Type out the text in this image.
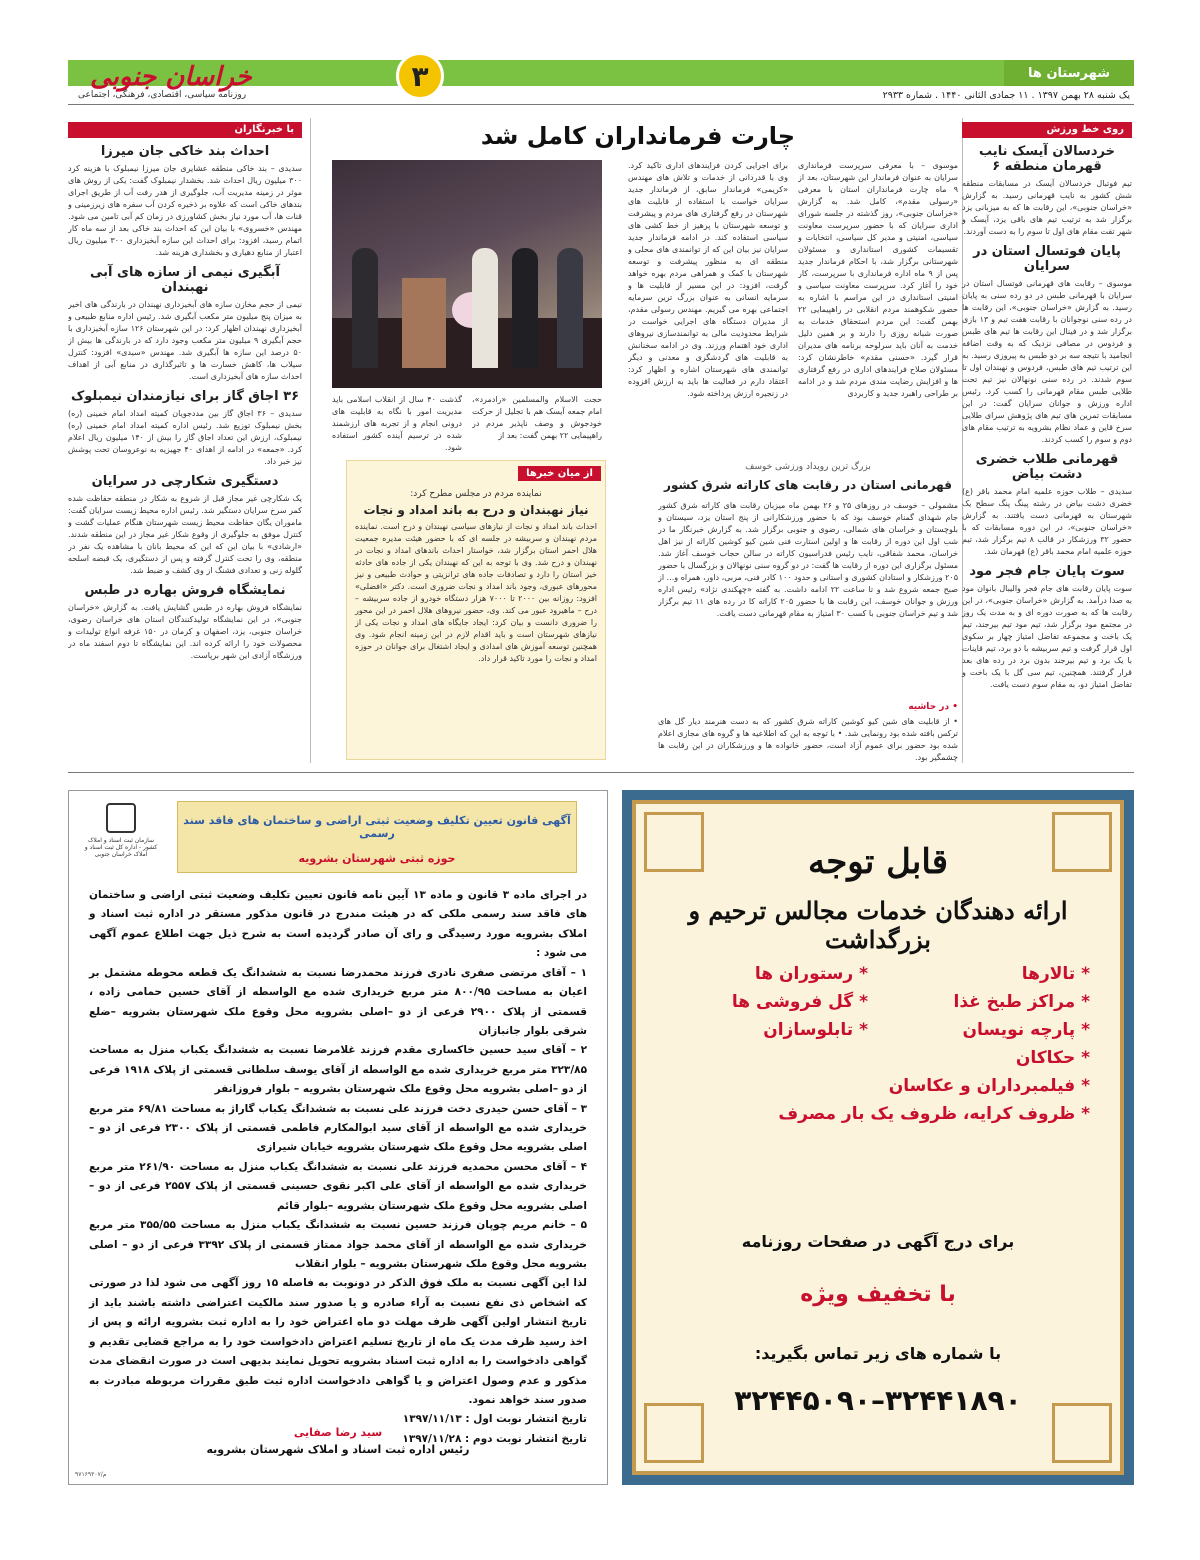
شهرستان ها
خراسان جنوبی	۳
روزنامه سیاسی، اقتصادی، فرهنگی، اجتماعی	یک شنبه ۲۸ بهمن ۱۳۹۷ . ۱۱ جمادی الثانی ۱۴۴۰ . شماره ۲۹۳۳
روی خط ورزش
خردسالان آیسک نایب قهرمان منطقه ۶
تیم فوتبال خردسالان آیسک در مسابقات منطقه شش کشور به نایب قهرمانی رسید. به گزارش «خراسان جنوبی»، این رقابت ها که به میزبانی یزد برگزار شد به ترتیب تیم های باقی یزد، آیسک و شهر تفت مقام های اول تا سوم را به دست آوردند.
پایان فوتسال استان در سرایان
موسوی – رقابت های قهرمانی فوتسال استان در سرایان با قهرمانی طبس در دو رده سنی به پایان رسید. به گزارش «خراسان جنوبی»، این رقابت ها در رده سنی نوجوانان با رقابت هفت تیم و ۱۳ بازی برگزار شد و در فینال این رقابت ها تیم های طبس و فردوس در مصافی نزدیک که به وقت اضافه انجامید با نتیجه سه بر دو طبس به پیروزی رسید. به این ترتیب تیم های طبس، فردوس و نهبندان اول تا سوم شدند. در رده سنی نونهالان نیز تیم تحت طلایی طبس مقام قهرمانی را کسب کرد. رئیس اداره ورزش و جوانان سرایان گفت: در این مسابقات تمرین های تیم های پژوهش سرای طلایی سرخ قاین و عماد نظام بشرویه به ترتیب مقام های دوم و سوم را کسب کردند.
قهرمانی طلاب خضری دشت بیاض
سدیدی – طلاب حوزه علمیه امام محمد باقر (ع) خضری دشت بیاض در رشته پینگ پنگ سطح یک شهرستان به قهرمانی دست یافتند. به گزارش «خراسان جنوبی»، در این دوره مسابقات که با حضور ۳۲ ورزشکار در قالب ۸ تیم برگزار شد، تیم حوزه علمیه امام محمد باقر (ع) قهرمان شد.
سوت پایان جام فجر مود
سوت پایان رقابت های جام فجر والیبال بانوان مود به صدا درآمد. به گزارش «خراسان جنوبی»، در این رقابت ها که به صورت دوره ای و به مدت یک روز در مجتمع مود برگزار شد، تیم مود تیم بیرجند، تیم یک باخت و مجموعه تفاضل امتیاز چهار بر سکوی اول قرار گرفت و تیم سربیشه با دو برد، تیم قاینات با یک برد و تیم بیرجند بدون برد در رده های بعد قرار گرفتند. همچنین، تیم سی گل با یک باخت و تفاضل امتیاز دو، به مقام سوم دست یافت.
چارت فرمانداران کامل شد
موسوی – با معرفی سرپرست فرمانداری سرایان به عنوان فرماندار این شهرستان، بعد از ۹ ماه چارت فرمانداران استان با معرفی «رسولی مقدم»، کامل شد. به گزارش «خراسان جنوبی»، روز گذشته در جلسه شورای اداری سرایان که با حضور سرپرست معاونت سیاسی، امنیتی و مدیر کل سیاسی، انتخابات و تقسیمات کشوری استانداری و مسئولان شهرستانی برگزار شد، با احکام فرماندار جدید پس از ۹ ماه اداره فرمانداری با سرپرست، کار خود را آغاز کرد. سرپرست معاونت سیاسی و امنیتی استانداری در این مراسم با اشاره به حضور شکوهمند مردم انقلابی در راهپیمایی ۲۲ بهمن گفت: این مردم استحقاق خدمات به صورت شبانه روزی را دارند و بر همین دلیل خدمت به آنان باید سرلوحه برنامه های مدیران قرار گیرد. «حسنی مقدم» خاطرنشان کرد: مسئولان صلاح فرایندهای اداری در رفع گرفتاری ها و افزایش رضایت مندی مردم شد و در ادامه بر طراحی راهبرد جدید و کاربردی
برای اجرایی کردن فرایندهای اداری تاکید کرد. وی با قدردانی از خدمات و تلاش های مهندس «کریمی» فرماندار سابق، از فرماندار جدید سرایان خواست با استفاده از قابلیت های شهرستان در رفع گرفتاری های مردم و پیشرفت و توسعه شهرستان با پرهیز از خط کشی های سیاسی استفاده کند. در ادامه فرماندار جدید سرایان نیز بیان این که از توانمندی های محلی و منطقه ای به منظور پیشرفت و توسعه شهرستان با کمک و همراهی مردم بهره خواهد گرفت، افزود: در این مسیر از قابلیت ها و سرمایه انسانی به عنوان بزرگ ترین سرمایه اجتماعی بهره می گیریم. مهندس رسولی مقدم، از مدیران دستگاه های اجرایی خواست در شرایط محدودیت مالی به توانمندسازی نیروهای اداری خود اهتمام ورزند. وی در ادامه سخنانش به قابلیت های گردشگری و معدنی و دیگر توانمندی های شهرستان اشاره و اظهار کرد: اعتقاد دارم در فعالیت ها باید به ارزش افزوده در زنجیره ارزش پرداخته شود.
گذشت ۴۰ سال از انقلاب اسلامی باید مدیریت امور با نگاه به قابلیت های درونی انجام و از تجربه های ارزشمند شده در ترسیم آینده کشور استفاده شود.
حجت الاسلام والمسلمین «رادمرد»، امام جمعه آیسک هم با تجلیل از حرکت خودجوش و وصف ناپذیر مردم در راهپیمایی ۲۲ بهمن گفت: بعد از
از میان خبرها
نماینده مردم در مجلس مطرح کرد:
نیاز نهبندان و درح به باند امداد و نجات
احداث باند امداد و نجات از نیازهای سیاسی نهبندان و درح است. نماینده مردم نهبندان و سربیشه در جلسه ای که با حضور هیئت مدیره جمعیت هلال احمر استان برگزار شد، خواستار احداث باندهای امداد و نجات در نهبندان و درح شد. وی با توجه به این که نهبندان یکی از جاده های حادثه خیز استان را دارد و تصادفات جاده های ترانزیتی و حوادث طبیعی و نیز محورهای عبوری، وجود باند امداد و نجات ضروری است. دکتر «افضلی» افزود: روزانه بین ۲۰۰۰ تا ۷۰۰۰ هزار دستگاه خودرو از جاده سربیشه – درح – ماهیرود عبور می کند. وی، حضور نیروهای هلال احمر در این محور را ضروری دانست و بیان کرد: ایجاد جایگاه های امداد و نجات یکی از نیازهای شهرستان است و باید اقدام لازم در این زمینه انجام شود. وی همچنین توسعه آموزش های امدادی و ایجاد اشتغال برای جوانان در حوزه امداد و نجات را مورد تاکید قرار داد.
بزرگ ترین رویداد ورزشی خوسف
قهرمانی استان در رقابت های کاراته شرق کشور
مشمولی – خوسف در روزهای ۲۵ و ۲۶ بهمن ماه میزبان رقابت های کاراته شرق کشور جام شهدای گمنام خوسف بود که با حضور ورزشکارانی از پنج استان یزد، سیستان و بلوچستان و خراسان های شمالی، رضوی و جنوبی برگزار شد. به گزارش خبرنگار ما در شب اول این دوره از رقابت ها و اولین استارت فنی شین کیو کوشین کاراته از نیز اهل خراسان، محمد شفاقی، نایب رئیس فدراسیون کاراته در سالن حجاب خوسف آغاز شد. مسئول برگزاری این دوره از رقابت ها گفت: در دو گروه سنی نونهالان و بزرگسال با حضور ۲۰۵ ورزشکار و استادان کشوری و استانی و حدود ۱۰۰ کادر فنی، مربی، داور، همراه و... از صبح جمعه شروع شد و تا ساعت ۲۲ ادامه داشت. به گفته «چهکندی نژاد» رئیس اداره ورزش و جوانان خوسف، این رقابت ها با حضور ۲۰۵ کاراته کا در رده های ۱۱ تیم برگزار شد و تیم خراسان جنوبی با کسب ۳۰ امتیاز به مقام قهرمانی دست یافت.
• در حاشیه
• از قابلیت های شین کیو کوشین کاراته شرق کشور که به دست هنرمند دیار گل های ترکس بافته شده بود رونمایی شد. • با توجه به این که اطلاعیه ها و گروه های مجازی اعلام شده بود حضور برای عموم آزاد است، حضور خانواده ها و ورزشکاران در این رقابت ها چشمگیر بود.
با خبرنگاران
احداث بند خاکی جان میرزا
سدیدی – بند خاکی منطقه عشایری جان میرزا نیمبلوک با هزینه کرد ۳۰۰ میلیون ریال احداث شد. بخشدار نیمبلوک گفت: یکی از روش های موثر در زمینه مدیریت آب، جلوگیری از هدر رفت آب از طریق اجرای بندهای خاکی است که علاوه بر ذخیره کردن آب سفره های زیرزمینی و قنات ها، آب مورد نیاز بخش کشاورزی در زمان کم آبی تامین می شود. مهندس «خسروی» با بیان این که احداث بند خاکی بعد از سه ماه کار اتمام رسید، افزود: برای احداث این سازه آبخیزداری ۳۰۰ میلیون ریال اعتبار از منابع دهیاری و بخشداری هزینه شد.
آبگیری نیمی از سازه های آبی نهبندان
نیمی از حجم مخازن سازه های آبخیزداری نهبندان در بارندگی های اخیر به میزان پنج میلیون متر مکعب آبگیری شد. رئیس اداره منابع طبیعی و آبخیزداری نهبندان اظهار کرد: در این شهرستان ۱۲۶ سازه آبخیزداری با حجم آبگیری ۹ میلیون متر مکعب وجود دارد که در بارندگی ها بیش از ۵۰ درصد این سازه ها آبگیری شد. مهندس «سیدی» افزود: کنترل سیلاب ها، کاهش خسارت ها و تاثیرگذاری در منابع آبی از اهداف احداث سازه های آبخیزداری است.
۳۶ اجاق گاز برای نیازمندان نیمبلوک
سدیدی – ۳۶ اجاق گاز بین مددجویان کمیته امداد امام خمینی (ره) بخش نیمبلوک توزیع شد. رئیس اداره کمیته امداد امام خمینی (ره) نیمبلوک، ارزش این تعداد اجاق گاز را بیش از ۱۴۰ میلیون ریال اعلام کرد. «جمعه» در ادامه از اهدای ۴۰ جهیزیه به نوعروسان تحت پوشش نیز خبر داد.
دستگیری شکارچی در سرایان
یک شکارچی غیر مجاز قبل از شروع به شکار در منطقه حفاظت شده کمر سرخ سرایان دستگیر شد. رئیس اداره محیط زیست سرایان گفت: ماموران یگان حفاظت محیط زیست شهرستان هنگام عملیات گشت و کنترل موفق به جلوگیری از وقوع شکار غیر مجاز در این منطقه شدند. «ارشادی» با بیان این که این که محیط بانان با مشاهده یک نفر در منطقه، وی را تحت کنترل گرفته و پس از دستگیری، یک قبضه اسلحه گلوله زنی و تعدادی فشنگ از وی کشف و ضبط شد.
نمایشگاه فروش بهاره در طبس
نمایشگاه فروش بهاره در طبس گشایش یافت. به گزارش «خراسان جنوبی»، در این نمایشگاه تولیدکنندگان استان های خراسان رضوی، خراسان جنوبی، یزد، اصفهان و کرمان در ۱۵۰ غرفه انواع تولیدات و محصولات خود را ارائه کرده اند. این نمایشگاه تا دوم اسفند ماه در ورزشگاه آزادی این شهر برپاست.
سازمان ثبت اسناد و املاک کشور - اداره کل ثبت اسناد و املاک خراسان جنوبی
آگهی قانون تعیین تکلیف وضعیت ثبتی اراضی و ساختمان های فاقد سند رسمی
حوزه ثبتی شهرستان بشرویه
در اجرای ماده ۳ قانون و ماده ۱۳ آیین نامه قانون تعیین تکلیف وضعیت ثبتی اراضی و ساختمان های فاقد سند رسمی ملکی که در هیئت مندرج در قانون مذکور مستقر در اداره ثبت اسناد و املاک بشرویه مورد رسیدگی و رای آن صادر گردیده است به شرح ذیل جهت اطلاع عموم آگهی می شود :
۱ – آقای مرتضی صفری نادری فرزند محمدرضا نسبت به ششدانگ یک قطعه محوطه مشتمل بر اعیان به مساحت ۸۰۰/۹۵ متر مربع خریداری شده مع الواسطه از آقای حسین حمامی زاده ، قسمتی از پلاک ۲۹۰۰ فرعی از دو –اصلی بشرویه محل وقوع ملک شهرستان بشرویه –ضلع شرقی بلوار جانبازان
۲ – آقای سید حسین خاکساری مقدم فرزند غلامرضا نسبت به ششدانگ یکباب منزل به مساحت ۳۲۳/۸۵ متر مربع خریداری شده مع الواسطه از آقای یوسف سلطانی قسمتی از پلاک ۱۹۱۸ فرعی از دو –اصلی بشرویه محل وقوع ملک شهرستان بشرویه – بلوار فروزانفر
۳ – آقای حسن حیدری دخت فرزند علی نسبت به ششدانگ یکباب گاراژ به مساحت ۶۹/۸۱ متر مربع خریداری شده مع الواسطه از آقای سید ابوالمکارم فاطمی قسمتی از پلاک ۲۳۰۰ فرعی از دو – اصلی بشرویه محل وقوع ملک شهرستان بشرویه خیابان شیرازی
۴ – آقای محسن محمدیه فرزند علی نسبت به ششدانگ یکباب منزل به مساحت ۲۶۱/۹۰ متر مربع خریداری شده مع الواسطه از آقای علی اکبر نقوی حسینی قسمتی از پلاک ۲۵۵۷ فرعی از دو –اصلی بشرویه محل وقوع ملک شهرستان بشرویه –بلوار قائم
۵ – خانم مریم چوپان فرزند حسین نسبت به ششدانگ یکباب منزل به مساحت ۳۵۵/۵۵ متر مربع خریداری شده مع الواسطه از آقای محمد جواد ممتاز قسمتی از پلاک ۳۳۹۲ فرعی از دو – اصلی بشرویه محل وقوع ملک شهرستان بشرویه – بلوار انقلاب
لذا این آگهی نسبت به ملک فوق الذکر در دونوبت به فاصله ۱۵ روز آگهی می شود لذا در صورتی که اشخاص ذی نفع نسبت به آراء صادره و یا صدور سند مالکیت اعتراضی داشته باشند باید از تاریخ انتشار اولین آگهی ظرف مهلت دو ماه اعتراض خود را به اداره ثبت بشرویه ارائه و پس از اخذ رسید ظرف مدت یک ماه از تاریخ تسلیم اعتراض دادخواست خود را به مراجع قضایی تقدیم و گواهی دادخواست را به اداره ثبت اسناد بشرویه تحویل نمایند بدیهی است در صورت انقضای مدت مذکور و عدم وصول اعتراض و یا گواهی دادخواست اداره ثبت طبق مقررات مربوطه مبادرت به صدور سند خواهد نمود.
تاریخ انتشار نوبت اول : ۱۳۹۷/۱۱/۱۳
تاریخ انتشار نوبت دوم : ۱۳۹۷/۱۱/۲۸
سید رضا صفایی
رئیس اداره ثبت اسناد و املاک شهرستان بشرویه
م/۹۷۱۶۹۳۰۷
قابل توجه
ارائه دهندگان خدمات مجالس ترحیم و بزرگداشت
* تالارها
* رستوران ها
* مراکز طبخ غذا
* گل فروشی ها
* پارچه نویسان
* تابلوسازان
* حکاکان
* فیلمبرداران و عکاسان
* ظروف کرایه، ظروف یک بار مصرف
برای درج آگهی در صفحات روزنامه
با تخفیف ویژه
با شماره های زیر تماس بگیرید:
۳۲۴۴۵۰۹۰–۳۲۴۴۱۸۹۰
